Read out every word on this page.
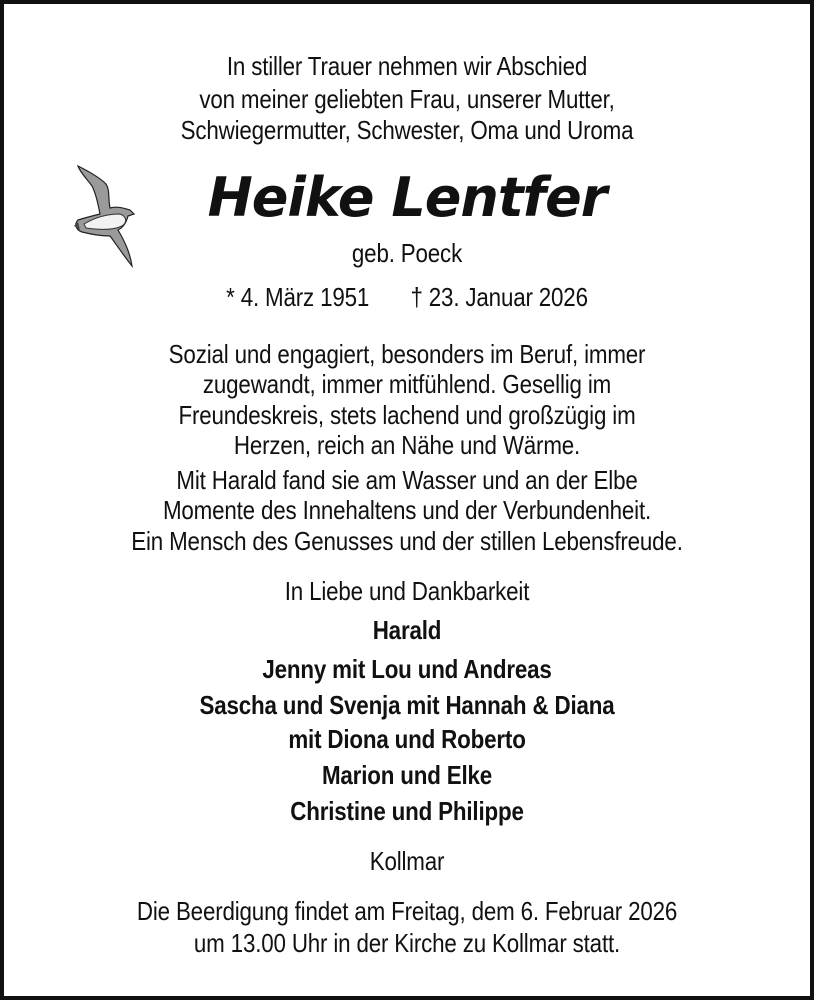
In stiller Trauer nehmen wir Abschied
von meiner geliebten Frau, unserer Mutter,
Schwiegermutter, Schwester, Oma und Uroma
Heike Lentfer
geb. Poeck
* 4. März 1951 † 23. Januar 2026
Sozial und engagiert, besonders im Beruf, immer
zugewandt, immer mitfühlend. Gesellig im
Freundeskreis, stets lachend und großzügig im
Herzen, reich an Nähe und Wärme.
Mit Harald fand sie am Wasser und an der Elbe
Momente des Innehaltens und der Verbundenheit.
Ein Mensch des Genusses und der stillen Lebensfreude.
In Liebe und Dankbarkeit
Harald
Jenny mit Lou und Andreas
Sascha und Svenja mit Hannah & Diana
mit Diona und Roberto
Marion und Elke
Christine und Philippe
Kollmar
Die Beerdigung findet am Freitag, dem 6. Februar 2026
um 13.00 Uhr in der Kirche zu Kollmar statt.
